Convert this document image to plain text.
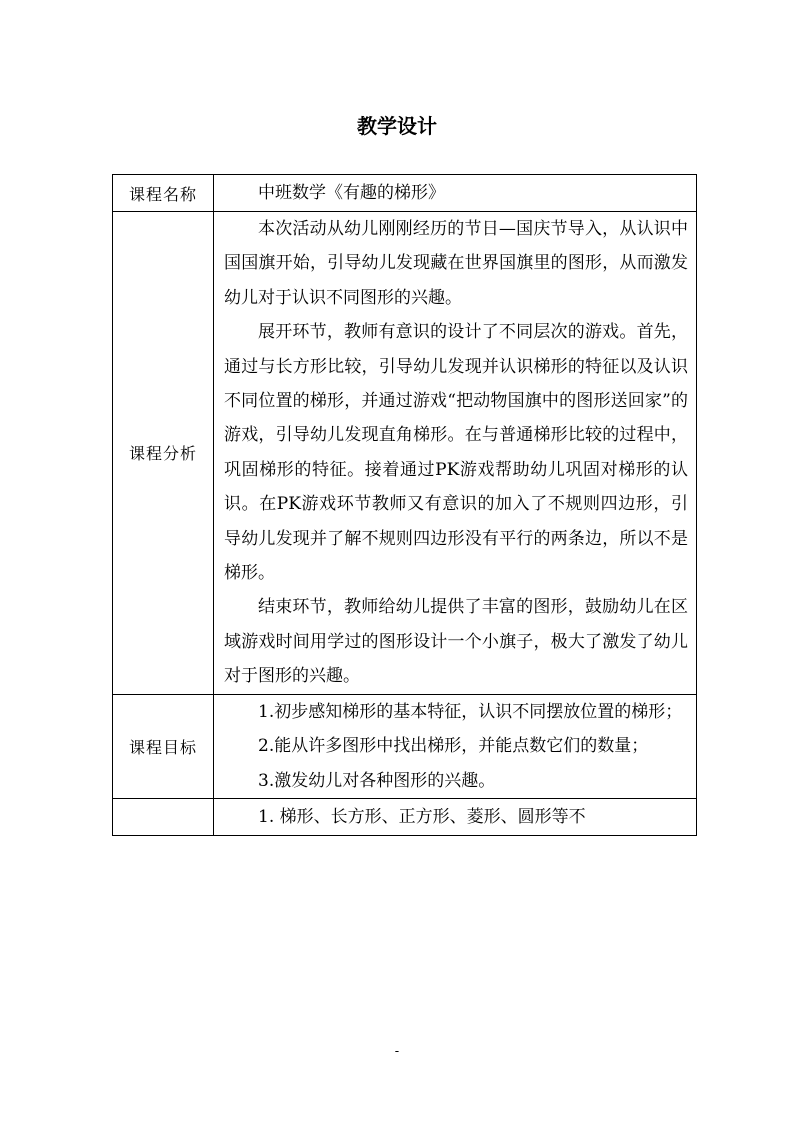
教学设计
课程名称	中班数学《有趣的梯形》

课程分析	本次活动从幼儿刚刚经历的节日—国庆节导入，从认识中国国旗开始，引导幼儿发现藏在世界国旗里的图形，从而激发幼儿对于认识不同图形的兴趣。

展开环节，教师有意识的设计了不同层次的游戏。首先，通过与长方形比较，引导幼儿发现并认识梯形的特征以及认识不同位置的梯形，并通过游戏“把动物国旗中的图形送回家”的游戏，引导幼儿发现直角梯形。在与普通梯形比较的过程中，巩固梯形的特征。接着通过PK游戏帮助幼儿巩固对梯形的认识。在PK游戏环节教师又有意识的加入了不规则四边形，引导幼儿发现并了解不规则四边形没有平行的两条边，所以不是梯形。

结束环节，教师给幼儿提供了丰富的图形，鼓励幼儿在区域游戏时间用学过的图形设计一个小旗子，极大了激发了幼儿对于图形的兴趣。

课程目标	1.初步感知梯形的基本特征，认识不同摆放位置的梯形；

2.能从许多图形中找出梯形，并能点数它们的数量；

3.激发幼儿对各种图形的兴趣。

	1. 梯形、长方形、正方形、菱形、圆形等不

-
